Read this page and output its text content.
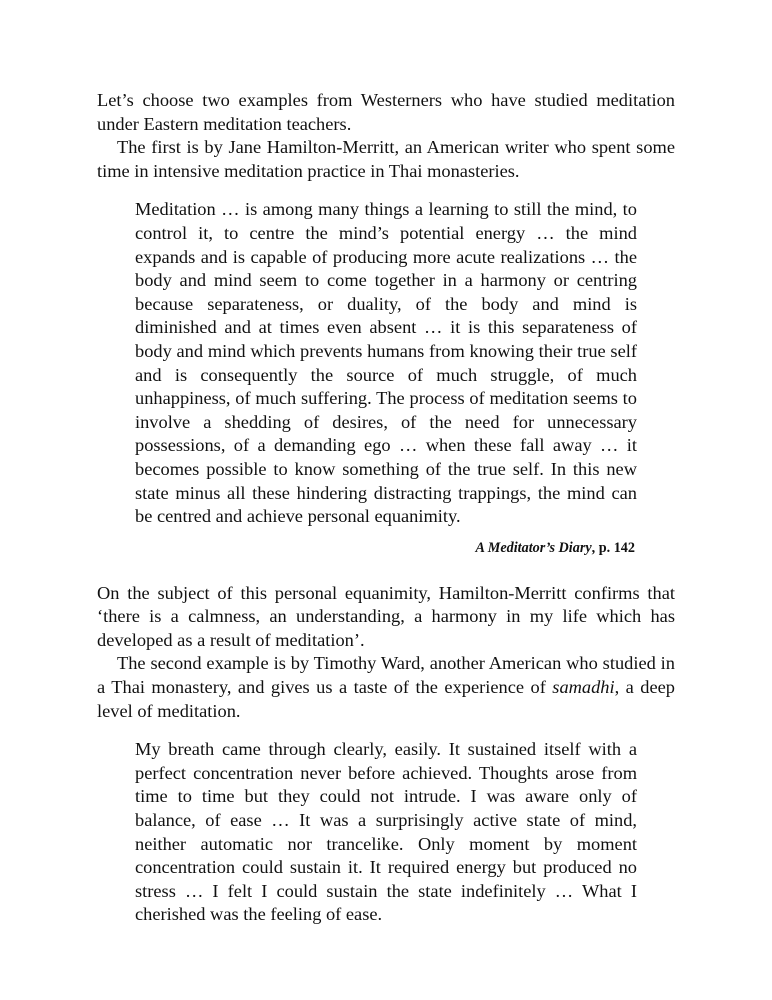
Let’s choose two examples from Westerners who have studied meditation under Eastern meditation teachers.

The first is by Jane Hamilton-Merritt, an American writer who spent some time in intensive meditation practice in Thai monasteries.

Meditation … is among many things a learning to still the mind, to control it, to centre the mind’s potential energy … the mind expands and is capable of producing more acute realizations … the body and mind seem to come together in a harmony or centring because separateness, or duality, of the body and mind is diminished and at times even absent … it is this separateness of body and mind which prevents humans from knowing their true self and is consequently the source of much struggle, of much unhappiness, of much suffering. The process of meditation seems to involve a shedding of desires, of the need for unnecessary possessions, of a demanding ego … when these fall away … it becomes possible to know something of the true self. In this new state minus all these hindering distracting trappings, the mind can be centred and achieve personal equanimity.

A Meditator’s Diary, p. 142

On the subject of this personal equanimity, Hamilton-Merritt confirms that ‘there is a calmness, an understanding, a harmony in my life which has developed as a result of meditation’.

The second example is by Timothy Ward, another American who studied in a Thai monastery, and gives us a taste of the experience of samadhi, a deep level of meditation.

My breath came through clearly, easily. It sustained itself with a perfect concentration never before achieved. Thoughts arose from time to time but they could not intrude. I was aware only of balance, of ease … It was a surprisingly active state of mind, neither automatic nor trancelike. Only moment by moment concentration could sustain it. It required energy but produced no stress … I felt I could sustain the state indefinitely … What I cherished was the feeling of ease.
